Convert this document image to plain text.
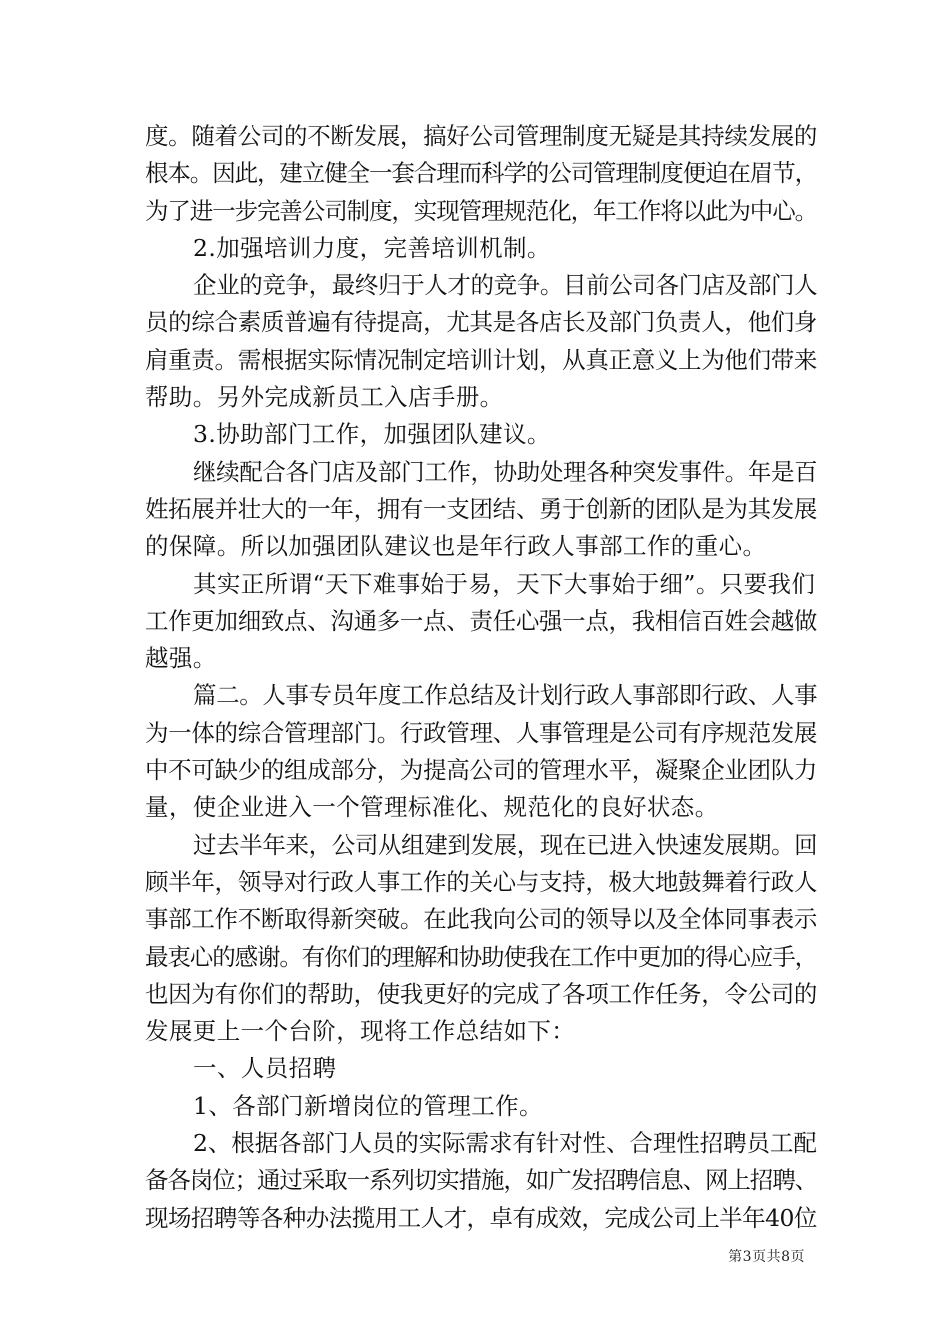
度。随着公司的不断发展，搞好公司管理制度无疑是其持续发展的
根本。因此，建立健全一套合理而科学的公司管理制度便迫在眉节，
为了进一步完善公司制度，实现管理规范化，年工作将以此为中心。
2.加强培训力度，完善培训机制。
企业的竞争，最终归于人才的竞争。目前公司各门店及部门人
员的综合素质普遍有待提高，尤其是各店长及部门负责人，他们身
肩重责。需根据实际情况制定培训计划，从真正意义上为他们带来
帮助。另外完成新员工入店手册。
3.协助部门工作，加强团队建议。
继续配合各门店及部门工作，协助处理各种突发事件。年是百
姓拓展并壮大的一年，拥有一支团结、勇于创新的团队是为其发展
的保障。所以加强团队建议也是年行政人事部工作的重心。
其实正所谓“天下难事始于易，天下大事始于细”。只要我们
工作更加细致点、沟通多一点、责任心强一点，我相信百姓会越做
越强。
篇二。人事专员年度工作总结及计划行政人事部即行政、人事
为一体的综合管理部门。行政管理、人事管理是公司有序规范发展
中不可缺少的组成部分，为提高公司的管理水平，凝聚企业团队力
量，使企业进入一个管理标准化、规范化的良好状态。
过去半年来，公司从组建到发展，现在已进入快速发展期。回
顾半年，领导对行政人事工作的关心与支持，极大地鼓舞着行政人
事部工作不断取得新突破。在此我向公司的领导以及全体同事表示
最衷心的感谢。有你们的理解和协助使我在工作中更加的得心应手，
也因为有你们的帮助，使我更好的完成了各项工作任务，令公司的
发展更上一个台阶，现将工作总结如下：
一、人员招聘
1、各部门新增岗位的管理工作。
2、根据各部门人员的实际需求有针对性、合理性招聘员工配
备各岗位；通过采取一系列切实措施，如广发招聘信息、网上招聘、
现场招聘等各种办法揽用工人才，卓有成效，完成公司上半年40位
第3页共8页
